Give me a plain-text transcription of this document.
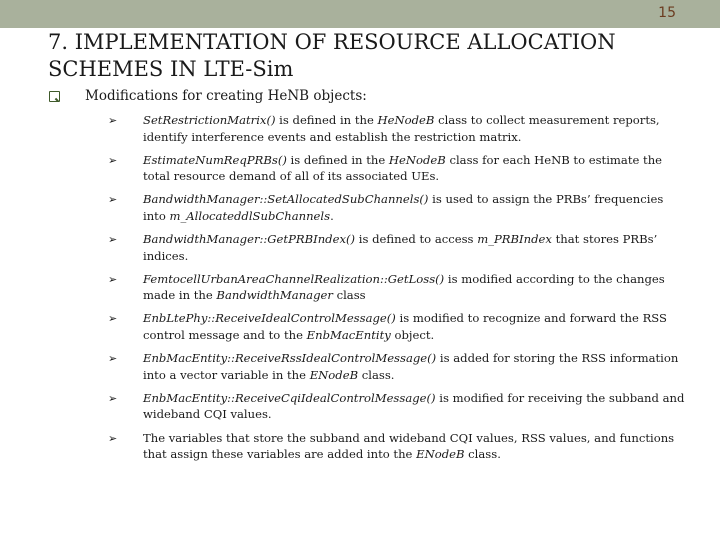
15
7. IMPLEMENTATION OF RESOURCE ALLOCATION SCHEMES IN LTE-Sim
Modifications for creating HeNB objects:
➢	SetRestrictionMatrix() is defined in the HeNodeB class to collect measurement reports, identify interference events and establish the restriction matrix.
➢	EstimateNumReqPRBs() is defined in the HeNodeB class for each HeNB to estimate the total resource demand of all of its associated UEs.
➢	BandwidthManager::SetAllocatedSubChannels() is used to assign the PRBs’ frequencies into m_AllocateddlSubChannels.
➢	BandwidthManager::GetPRBIndex() is defined to access m_PRBIndex that stores PRBs’ indices.
➢	FemtocellUrbanAreaChannelRealization::GetLoss() is modified according to the changes made in the BandwidthManager class
➢	EnbLtePhy::ReceiveIdealControlMessage() is modified to recognize and forward the RSS control message and to the EnbMacEntity object.
➢	EnbMacEntity::ReceiveRssIdealControlMessage() is added for storing the RSS information into a vector variable in the ENodeB class.
➢	EnbMacEntity::ReceiveCqiIdealControlMessage() is modified for receiving the subband and wideband CQI values.
➢	The variables that store the subband and wideband CQI values, RSS values, and functions that assign these variables are added into the ENodeB class.
